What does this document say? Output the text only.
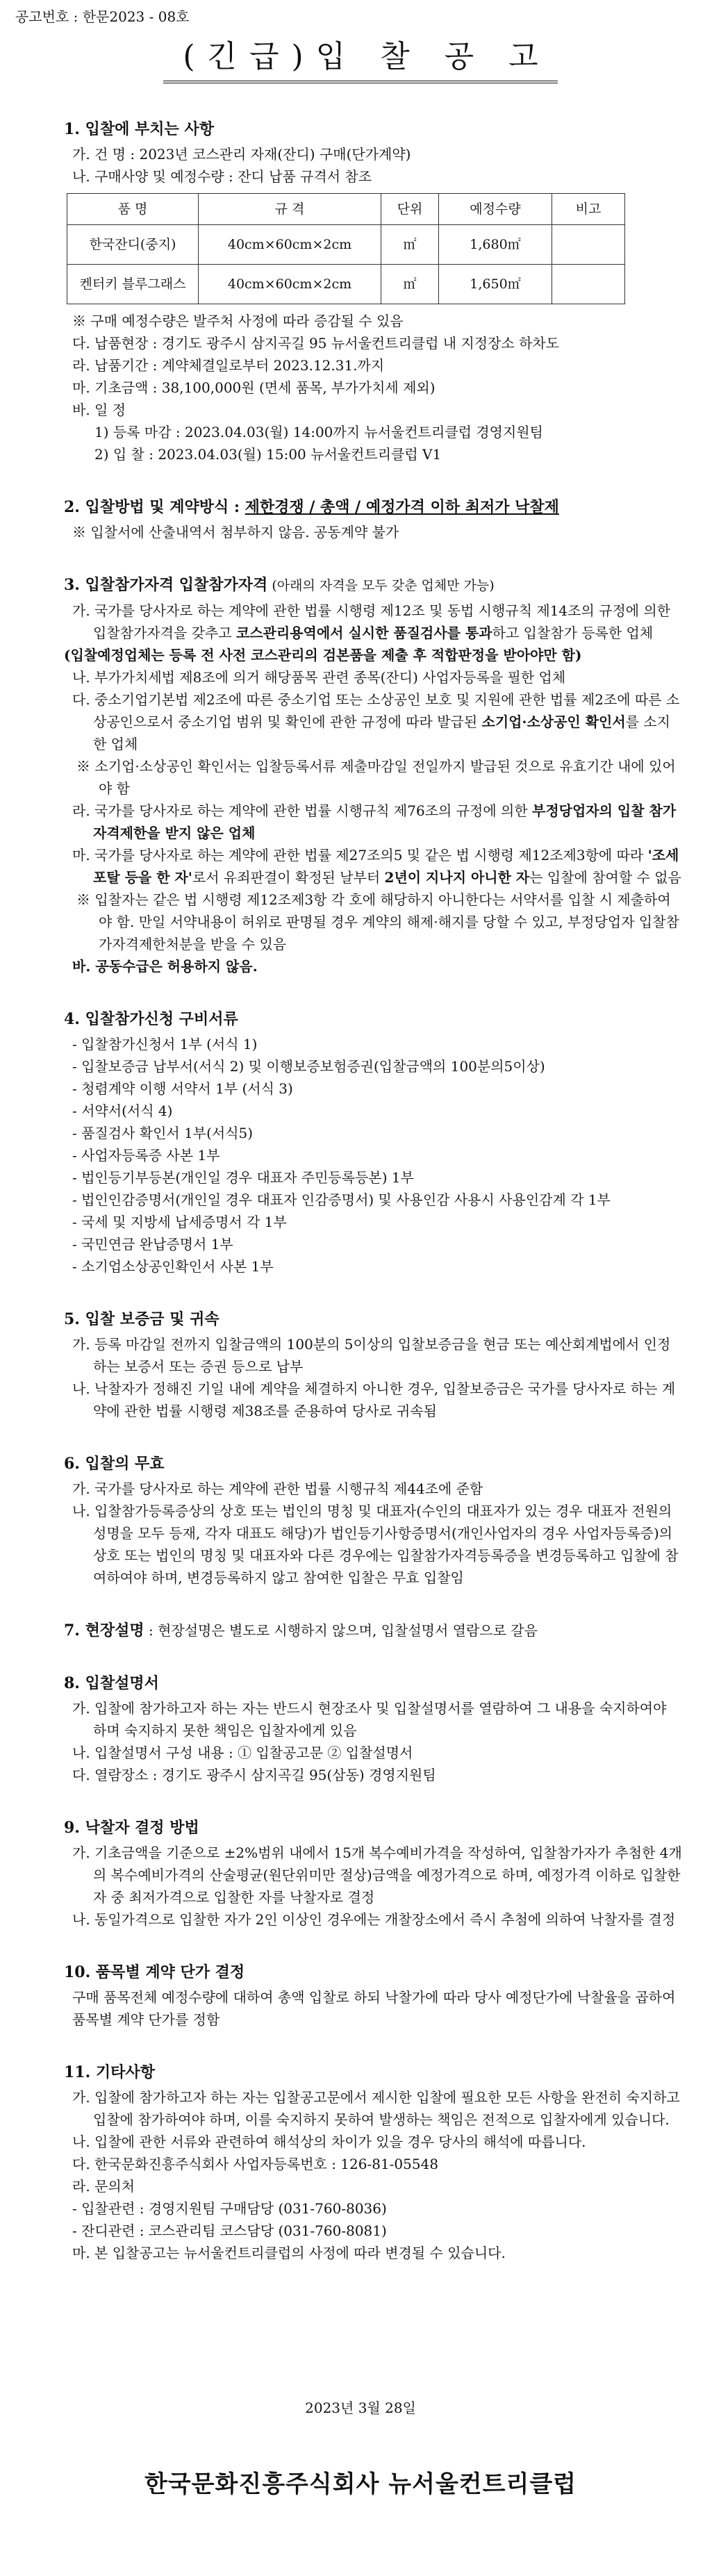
공고번호 : 한문2023 - 08호
(긴급)입 찰 공 고
1. 입찰에 부치는 사항
가. 건 명 : 2023년 코스관리 자재(잔디) 구매(단가계약)
나. 구매사양 및 예정수량 : 잔디 납품 규격서 참조
품 명	규 격	단위	예정수량	비고
한국잔디(중지)	40cm×60cm×2cm	㎡	1,680㎡	
켄터키 블루그래스	40cm×60cm×2cm	㎡	1,650㎡	
※ 구매 예정수량은 발주처 사정에 따라 증감될 수 있음
다. 납품현장 : 경기도 광주시 삼지곡길 95 뉴서울컨트리클럽 내 지정장소 하차도
라. 납품기간 : 계약체결일로부터 2023.12.31.까지
마. 기초금액 : 38,100,000원 (면세 품목, 부가가치세 제외)
바. 일 정
1) 등록 마감 : 2023.04.03(월) 14:00까지 뉴서울컨트리클럽 경영지원팀
2) 입 찰 : 2023.04.03(월) 15:00 뉴서울컨트리클럽 V1
2. 입찰방법 및 계약방식 : 제한경쟁 / 총액 / 예정가격 이하 최저가 낙찰제
※ 입찰서에 산출내역서 첨부하지 않음. 공동계약 불가
3. 입찰참가자격 입찰참가자격 (아래의 자격을 모두 갖춘 업체만 가능)
가. 국가를 당사자로 하는 계약에 관한 법률 시행령 제12조 및 동법 시행규칙 제14조의 규정에 의한 입찰참가자격을 갖추고 코스관리용역에서 실시한 품질검사를 통과하고 입찰참가 등록한 업체
(입찰예정업체는 등록 전 사전 코스관리의 검본품을 제출 후 적합판정을 받아야만 함)
나. 부가가치세법 제8조에 의거 해당품목 관련 종목(잔디) 사업자등록을 필한 업체
다. 중소기업기본법 제2조에 따른 중소기업 또는 소상공인 보호 및 지원에 관한 법률 제2조에 따른 소상공인으로서 중소기업 범위 및 확인에 관한 규정에 따라 발급된 소기업·소상공인 확인서를 소지한 업체
※ 소기업·소상공인 확인서는 입찰등록서류 제출마감일 전일까지 발급된 것으로 유효기간 내에 있어야 함
라. 국가를 당사자로 하는 계약에 관한 법률 시행규칙 제76조의 규정에 의한 부정당업자의 입찰 참가 자격제한을 받지 않은 업체
마. 국가를 당사자로 하는 계약에 관한 법률 제27조의5 및 같은 법 시행령 제12조제3항에 따라 '조세포탈 등을 한 자'로서 유죄판결이 확정된 날부터 2년이 지나지 아니한 자는 입찰에 참여할 수 없음
※ 입찰자는 같은 법 시행령 제12조제3항 각 호에 해당하지 아니한다는 서약서를 입찰 시 제출하여야 함. 만일 서약내용이 허위로 판명될 경우 계약의 해제·해지를 당할 수 있고, 부정당업자 입찰참가자격제한처분을 받을 수 있음
바. 공동수급은 허용하지 않음.
4. 입찰참가신청 구비서류
- 입찰참가신청서 1부 (서식 1)
- 입찰보증금 납부서(서식 2) 및 이행보증보험증권(입찰금액의 100분의5이상)
- 청렴계약 이행 서약서 1부 (서식 3)
- 서약서(서식 4)
- 품질검사 확인서 1부(서식5)
- 사업자등록증 사본 1부
- 법인등기부등본(개인일 경우 대표자 주민등록등본) 1부
- 법인인감증명서(개인일 경우 대표자 인감증명서) 및 사용인감 사용시 사용인감계 각 1부
- 국세 및 지방세 납세증명서 각 1부
- 국민연금 완납증명서 1부
- 소기업소상공인확인서 사본 1부
5. 입찰 보증금 및 귀속
가. 등록 마감일 전까지 입찰금액의 100분의 5이상의 입찰보증금을 현금 또는 예산회계법에서 인정하는 보증서 또는 증권 등으로 납부
나. 낙찰자가 정해진 기일 내에 계약을 체결하지 아니한 경우, 입찰보증금은 국가를 당사자로 하는 계약에 관한 법률 시행령 제38조를 준용하여 당사로 귀속됨
6. 입찰의 무효
가. 국가를 당사자로 하는 계약에 관한 법률 시행규칙 제44조에 준함
나. 입찰참가등록증상의 상호 또는 법인의 명칭 및 대표자(수인의 대표자가 있는 경우 대표자 전원의 성명을 모두 등재, 각자 대표도 해당)가 법인등기사항증명서(개인사업자의 경우 사업자등록증)의 상호 또는 법인의 명칭 및 대표자와 다른 경우에는 입찰참가자격등록증을 변경등록하고 입찰에 참여하여야 하며, 변경등록하지 않고 참여한 입찰은 무효 입찰임
7. 현장설명 : 현장설명은 별도로 시행하지 않으며, 입찰설명서 열람으로 갈음
8. 입찰설명서
가. 입찰에 참가하고자 하는 자는 반드시 현장조사 및 입찰설명서를 열람하여 그 내용을 숙지하여야 하며 숙지하지 못한 책임은 입찰자에게 있음
나. 입찰설명서 구성 내용 : ① 입찰공고문 ② 입찰설명서
다. 열람장소 : 경기도 광주시 삼지곡길 95(삼동) 경영지원팀
9. 낙찰자 결정 방법
가. 기초금액을 기준으로 ±2%범위 내에서 15개 복수예비가격을 작성하여, 입찰참가자가 추첨한 4개의 복수예비가격의 산술평균(원단위미만 절상)금액을 예정가격으로 하며, 예정가격 이하로 입찰한 자 중 최저가격으로 입찰한 자를 낙찰자로 결정
나. 동일가격으로 입찰한 자가 2인 이상인 경우에는 개찰장소에서 즉시 추첨에 의하여 낙찰자를 결정
10. 품목별 계약 단가 결정
구매 품목전체 예정수량에 대하여 총액 입찰로 하되 낙찰가에 따라 당사 예정단가에 낙찰율을 곱하여 품목별 계약 단가를 정함
11. 기타사항
가. 입찰에 참가하고자 하는 자는 입찰공고문에서 제시한 입찰에 필요한 모든 사항을 완전히 숙지하고 입찰에 참가하여야 하며, 이를 숙지하지 못하여 발생하는 책임은 전적으로 입찰자에게 있습니다.
나. 입찰에 관한 서류와 관련하여 해석상의 차이가 있을 경우 당사의 해석에 따릅니다.
다. 한국문화진흥주식회사 사업자등록번호 : 126-81-05548
라. 문의처
- 입찰관련 : 경영지원팀 구매담당 (031-760-8036)
- 잔디관련 : 코스관리팀 코스담당 (031-760-8081)
마. 본 입찰공고는 뉴서울컨트리클럽의 사정에 따라 변경될 수 있습니다.
2023년 3월 28일
한국문화진흥주식회사 뉴서울컨트리클럽
